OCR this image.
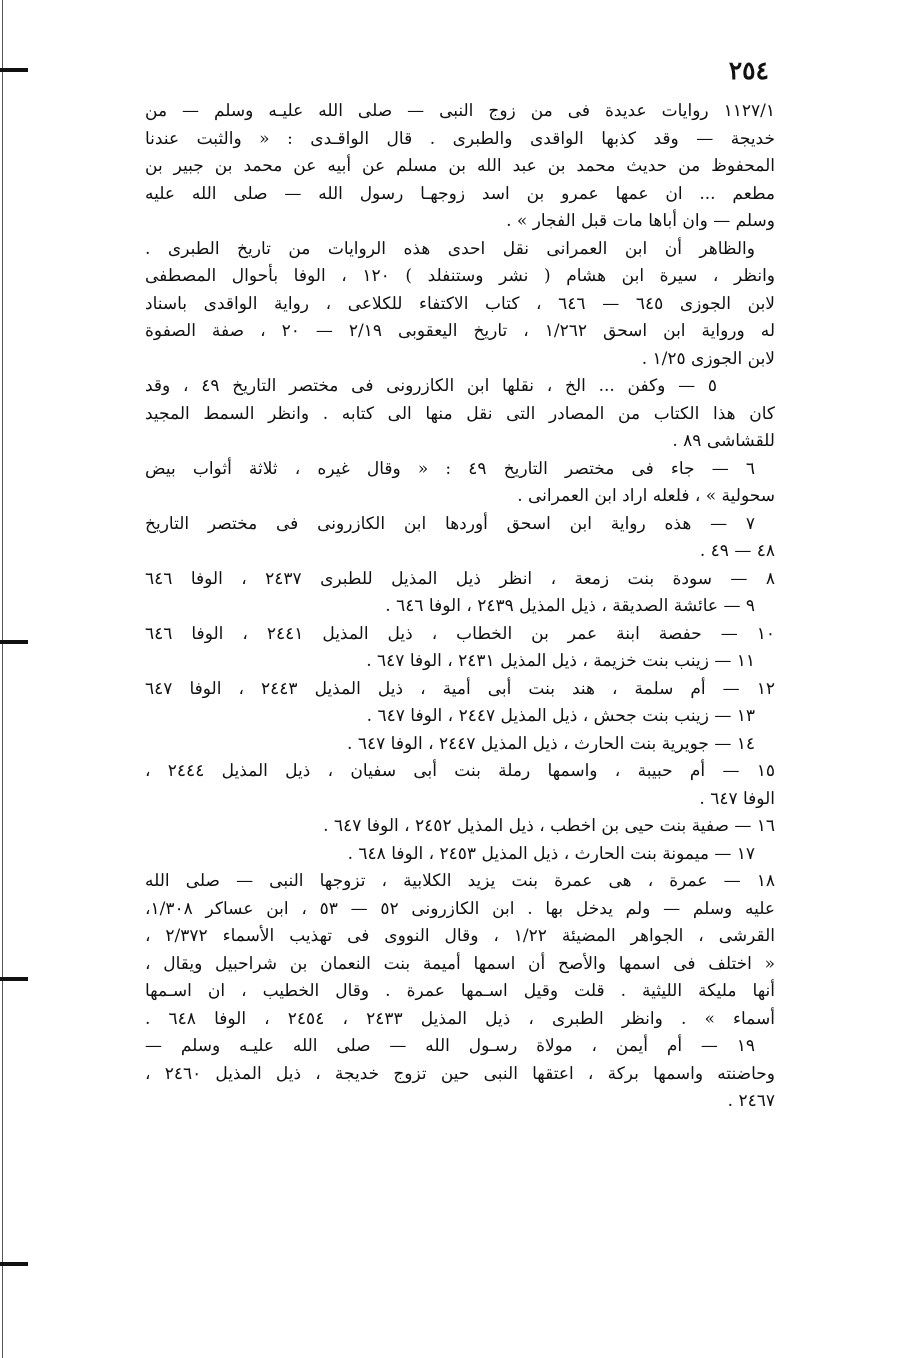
٢٥٤
١١٢٧/١ روايات عديدة فى من زوج النبى — صلى الله عليـه وسلم — من
خديجة — وقد كذبها الواقدى والطبرى . قال الواقـدى : « والثبت عندنا
المحفوظ من حديث محمد بن عبد الله بن مسلم عن أبيه عن محمد بن جبير بن
مطعم ... ان عمها عمرو بن اسد زوجهـا رسول الله — صلى الله عليه
وسلم — وان أباها مات قبل الفجار » .
والظاهر أن ابن العمرانى نقل احدى هذه الروايات من تاريخ الطبرى .
وانظر ، سيرة ابن هشام ( نشر وستنفلد ) ١٢٠ ، الوفا بأحوال المصطفى
لابن الجوزى ٦٤٥ — ٦٤٦ ، كتاب الاكتفاء للكلاعى ، رواية الواقدى باسناد
له ورواية ابن اسحق ١/٢٦٢ ، تاريخ اليعقوبى ٢/١٩ — ٢٠ ، صفة الصفوة
لابن الجوزى ١/٢٥ .
٥ — وكفن ... الخ ، نقلها ابن الكازرونى فى مختصر التاريخ ٤٩ ، وقد
كان هذا الكتاب من المصادر التى نقل منها الى كتابه . وانظر السمط المجيد
للقشاشى ٨٩ .
٦ — جاء فى مختصر التاريخ ٤٩ : « وقال غيره ، ثلاثة أثواب بيض
سحولية » ، فلعله اراد ابن العمرانى .
٧ — هذه رواية ابن اسحق أوردها ابن الكازرونى فى مختصر التاريخ
٤٨ — ٤٩ .
٨ — سودة بنت زمعة ، انظر ذيل المذيل للطبرى ٢٤٣٧ ، الوفا ٦٤٦
٩ — عائشة الصديقة ، ذيل المذيل ٢٤٣٩ ، الوفا ٦٤٦ .
١٠ — حفصة ابنة عمر بن الخطاب ، ذيل المذيل ٢٤٤١ ، الوفا ٦٤٦
١١ — زينب بنت خزيمة ، ذيل المذيل ٢٤٣١ ، الوفا ٦٤٧ .
١٢ — أم سلمة ، هند بنت أبى أمية ، ذيل المذيل ٢٤٤٣ ، الوفا ٦٤٧
١٣ — زينب بنت جحش ، ذيل المذيل ٢٤٤٧ ، الوفا ٦٤٧ .
١٤ — جويرية بنت الحارث ، ذيل المذيل ٢٤٤٧ ، الوفا ٦٤٧ .
١٥ — أم حبيبة ، واسمها رملة بنت أبى سفيان ، ذيل المذيل ٢٤٤٤ ،
الوفا ٦٤٧ .
١٦ — صفية بنت حيى بن اخطب ، ذيل المذيل ٢٤٥٢ ، الوفا ٦٤٧ .
١٧ — ميمونة بنت الحارث ، ذيل المذيل ٢٤٥٣ ، الوفا ٦٤٨ .
١٨ — عمرة ، هى عمرة بنت يزيد الكلابية ، تزوجها النبى — صلى الله
عليه وسلم — ولم يدخل بها . ابن الكازرونى ٥٢ — ٥٣ ، ابن عساكر ١/٣٠٨،
القرشى ، الجواهر المضيئة ١/٢٢ ، وقال النووى فى تهذيب الأسماء ٢/٣٧٢ ،
« اختلف فى اسمها والأصح أن اسمها أميمة بنت النعمان بن شراحبيل ويقال ،
أنها مليكة الليثية . قلت وقيل اسـمها عمرة . وقال الخطيب ، ان اسـمها
أسماء » . وانظر الطبرى ، ذيل المذيل ٢٤٣٣ ، ٢٤٥٤ ، الوفا ٦٤٨ .
١٩ — أم أيمن ، مولاة رسـول الله — صلى الله عليـه وسلم —
وحاضنته واسمها بركة ، اعتقها النبى حين تزوج خديجة ، ذيل المذيل ٢٤٦٠ ،
٢٤٦٧ .
